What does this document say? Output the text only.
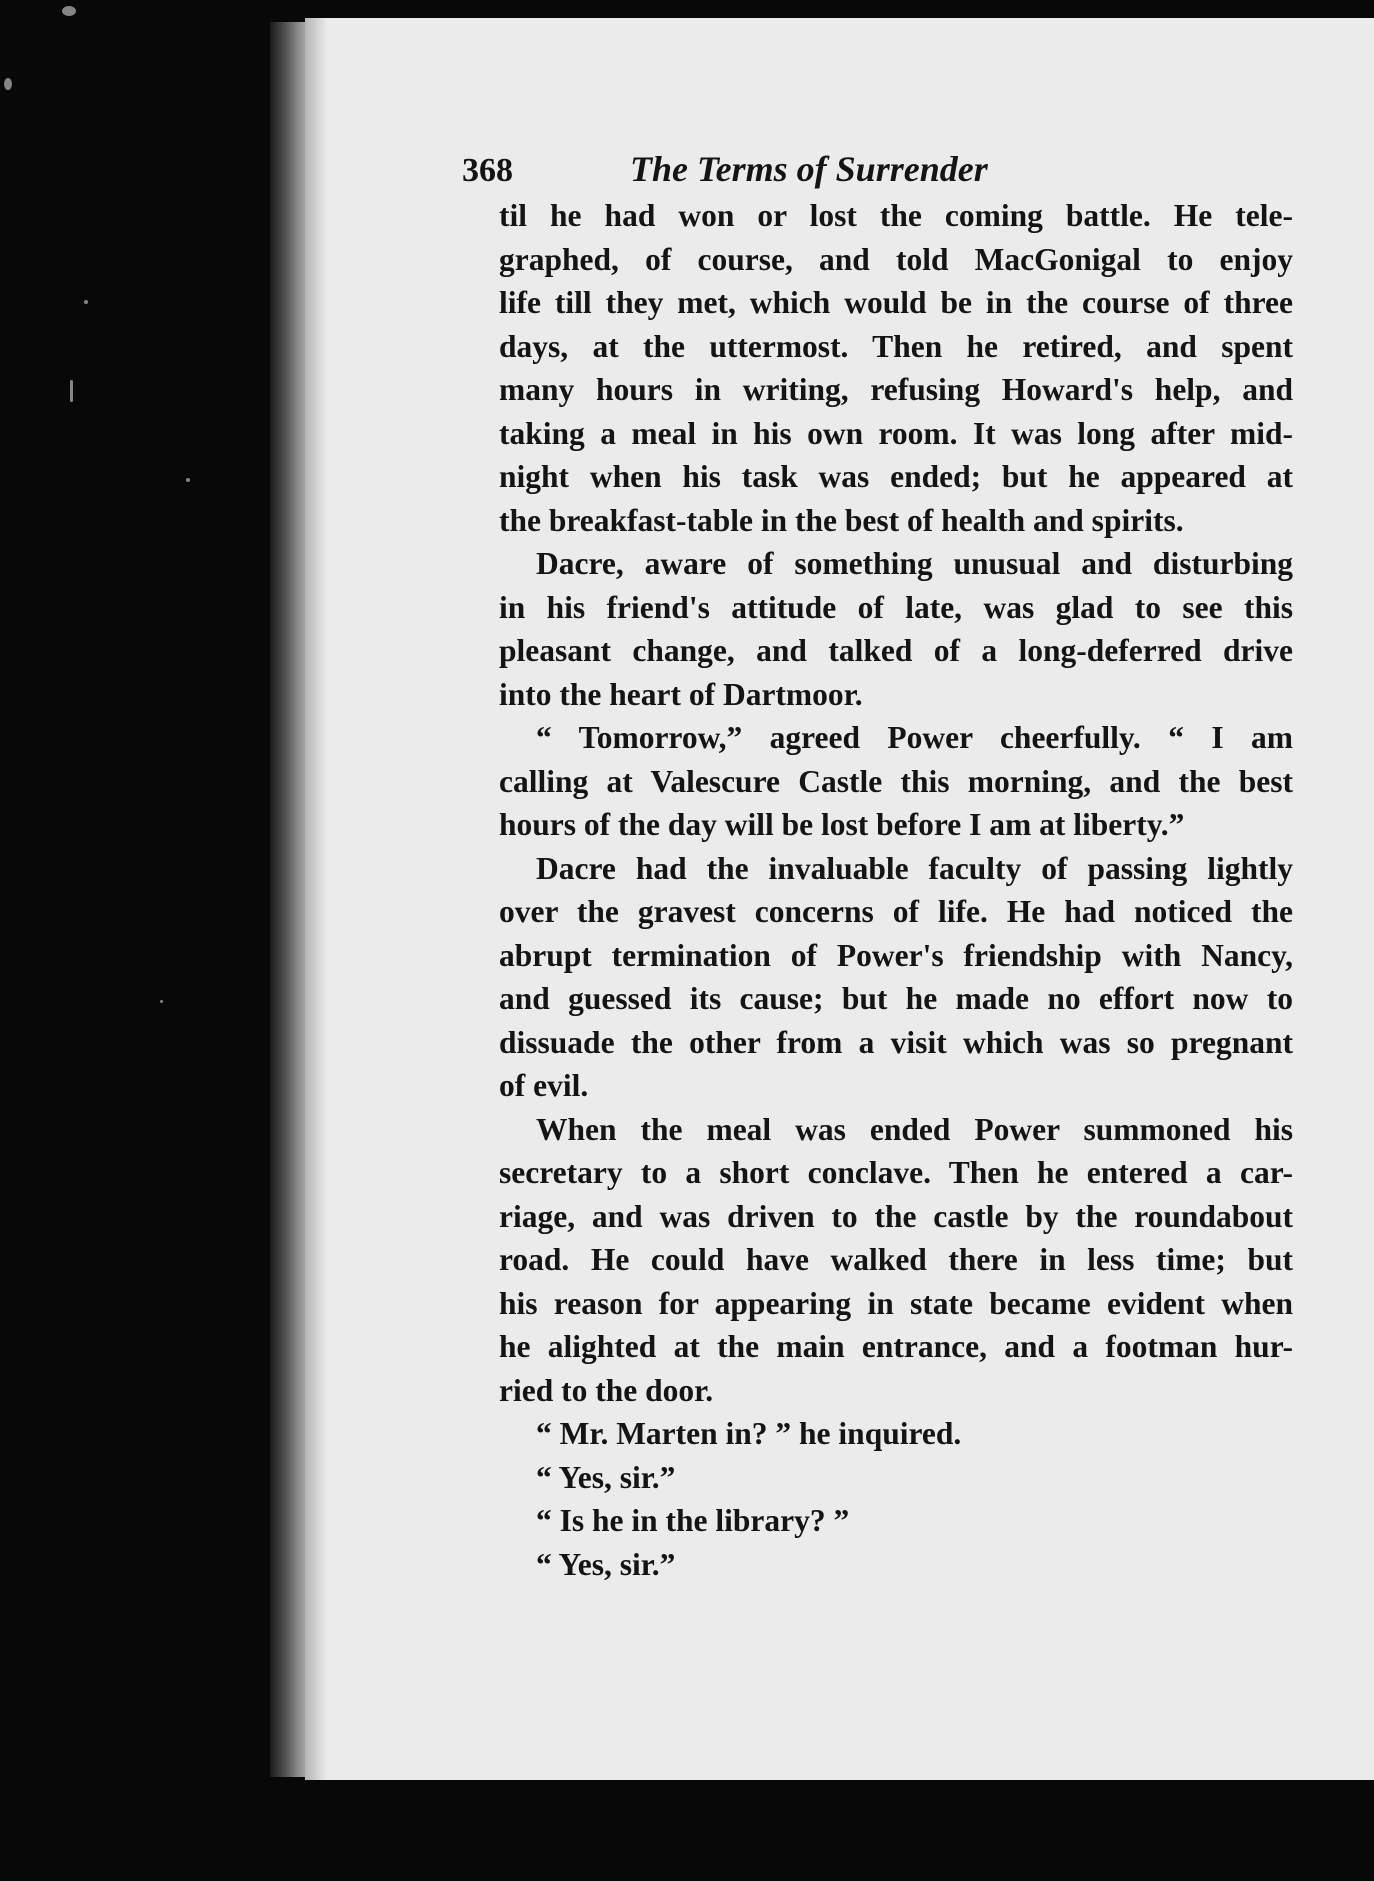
368	The Terms of Surrender
til he had won or lost the coming battle. He tele-
graphed, of course, and told MacGonigal to enjoy
life till they met, which would be in the course of three
days, at the uttermost. Then he retired, and spent
many hours in writing, refusing Howard's help, and
taking a meal in his own room. It was long after mid-
night when his task was ended; but he appeared at
the breakfast-table in the best of health and spirits.
Dacre, aware of something unusual and disturbing
in his friend's attitude of late, was glad to see this
pleasant change, and talked of a long-deferred drive
into the heart of Dartmoor.
“ Tomorrow,” agreed Power cheerfully. “ I am
calling at Valescure Castle this morning, and the best
hours of the day will be lost before I am at liberty.”
Dacre had the invaluable faculty of passing lightly
over the gravest concerns of life. He had noticed the
abrupt termination of Power's friendship with Nancy,
and guessed its cause; but he made no effort now to
dissuade the other from a visit which was so pregnant
of evil.
When the meal was ended Power summoned his
secretary to a short conclave. Then he entered a car-
riage, and was driven to the castle by the roundabout
road. He could have walked there in less time; but
his reason for appearing in state became evident when
he alighted at the main entrance, and a footman hur-
ried to the door.
“ Mr. Marten in? ” he inquired.
“ Yes, sir.”
“ Is he in the library? ”
“ Yes, sir.”
